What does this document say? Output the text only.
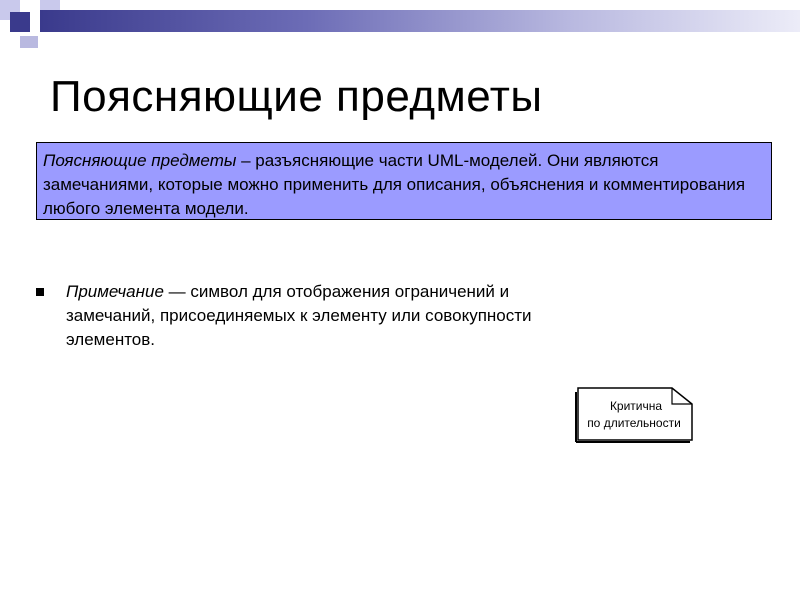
Поясняющие предметы
Поясняющие предметы – разъясняющие части UML-моделей. Они являются замечаниями, которые можно применить для описания, объяснения и комментирования любого элемента модели.
Примечание — символ для отображения ограничений и замечаний, присоединяемых к элементу или совокупности элементов.
Критична
по длительности
